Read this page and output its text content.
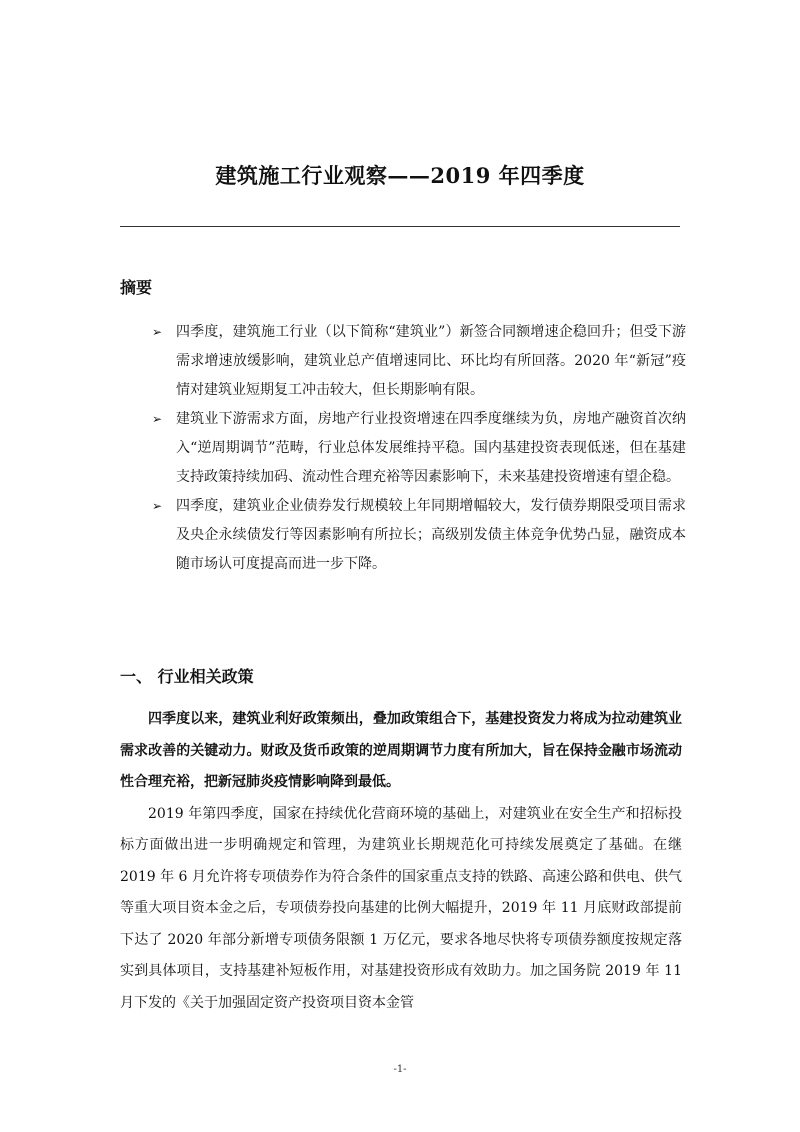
建筑施工行业观察——2019 年四季度
摘要

➢ 四季度，建筑施工行业（以下简称“建筑业”）新签合同额增速企稳回升；但受下游需求增速放缓影响，建筑业总产值增速同比、环比均有所回落。2020 年“新冠”疫情对建筑业短期复工冲击较大，但长期影响有限。

➢ 建筑业下游需求方面，房地产行业投资增速在四季度继续为负，房地产融资首次纳入“逆周期调节”范畴，行业总体发展维持平稳。国内基建投资表现低迷，但在基建支持政策持续加码、流动性合理充裕等因素影响下，未来基建投资增速有望企稳。

➢ 四季度，建筑业企业债券发行规模较上年同期增幅较大，发行债券期限受项目需求及央企永续债发行等因素影响有所拉长；高级别发债主体竞争优势凸显，融资成本随市场认可度提高而进一步下降。

一、 行业相关政策

四季度以来，建筑业利好政策频出，叠加政策组合下，基建投资发力将成为拉动建筑业需求改善的关键动力。财政及货币政策的逆周期调节力度有所加大，旨在保持金融市场流动性合理充裕，把新冠肺炎疫情影响降到最低。

2019 年第四季度，国家在持续优化营商环境的基础上，对建筑业在安全生产和招标投标方面做出进一步明确规定和管理，为建筑业长期规范化可持续发展奠定了基础。在继 2019 年 6 月允许将专项债券作为符合条件的国家重点支持的铁路、高速公路和供电、供气等重大项目资本金之后，专项债券投向基建的比例大幅提升，2019 年 11 月底财政部提前下达了 2020 年部分新增专项债务限额 1 万亿元，要求各地尽快将专项债券额度按规定落实到具体项目，支持基建补短板作用，对基建投资形成有效助力。加之国务院 2019 年 11 月下发的《关于加强固定资产投资项目资本金管

-1-
